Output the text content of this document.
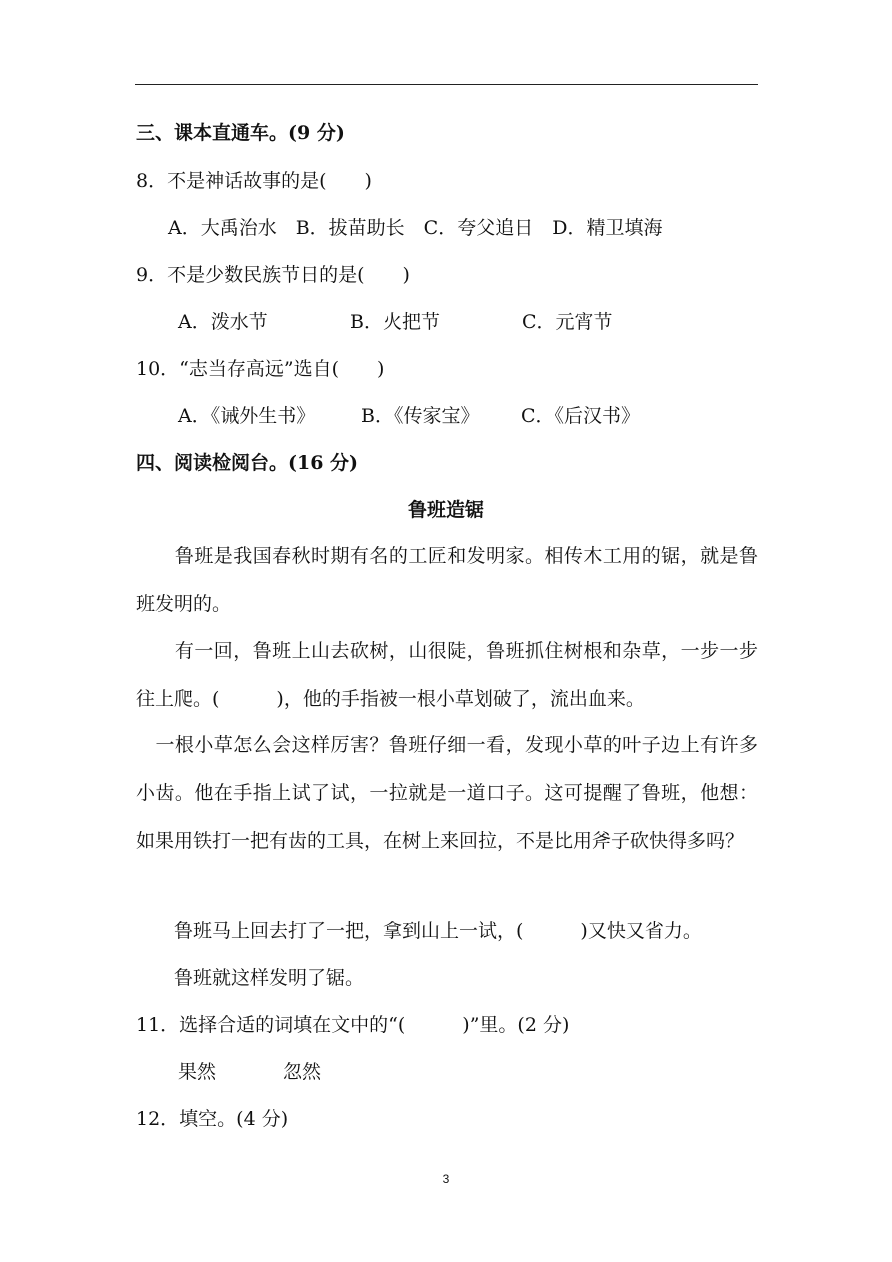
三、课本直通车。(9 分)
8．不是神话故事的是(　　)
A．大禹治水　B．拔苗助长　C．夸父追日　D．精卫填海
9．不是少数民族节日的是(　　)
A．泼水节	B．火把节	C．元宵节
10．“志当存高远”选自(　　)
A．《诫外生书》 B．《传家宝》 C．《后汉书》
四、阅读检阅台。(16 分)
鲁班造锯
　　鲁班是我国春秋时期有名的工匠和发明家。相传木工用的锯，就是鲁班发明的。
　　有一回，鲁班上山去砍树，山很陡，鲁班抓住树根和杂草，一步一步往上爬。(　　　)，他的手指被一根小草划破了，流出血来。
　一根小草怎么会这样厉害？鲁班仔细一看，发现小草的叶子边上有许多小齿。他在手指上试了试，一拉就是一道口子。这可提醒了鲁班，他想：如果用铁打一把有齿的工具，在树上来回拉，不是比用斧子砍快得多吗？
　　鲁班马上回去打了一把，拿到山上一试，(　　　)又快又省力。
　　鲁班就这样发明了锯。
11．选择合适的词填在文中的“(　　　)”里。(2 分)
果然	忽然
12．填空。(4 分)
3
